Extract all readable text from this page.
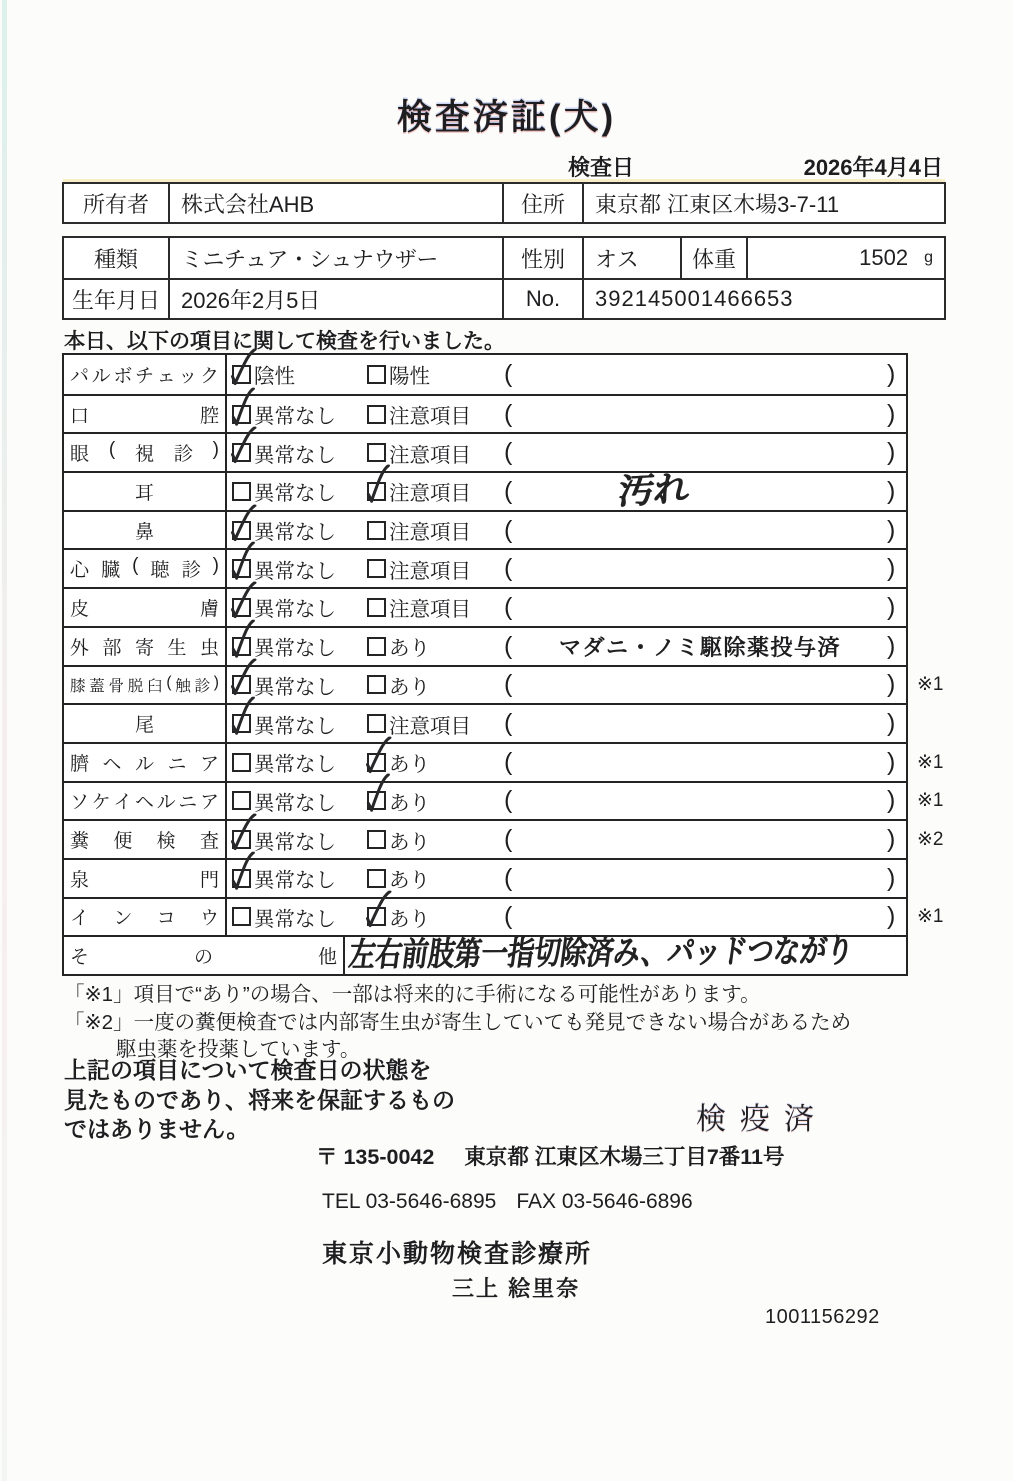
検査済証(犬)
検査日	2026年4月4日
所有者	株式会社AHB	住所	東京都 江東区木場3-7-11
種類	ミニチュア・シュナウザー	性別	オス	体重	1502 g
生年月日 2026年2月5日	No.	392145001466653
本日、以下の項目に関して検査を行いました。
パ ル ボ チ ェ ッ ク 陰性	陽性	(	)
口	腔 異常なし	注意項目 (	)
眼 ( 視 診 ) 異常なし	注意項目 (	)
耳	異常なし	注意項目 (	汚れ	)
鼻	異常なし	注意項目 (	)
心 臓 ( 聴 診 ) 異常なし	注意項目 (	)
皮	膚 異常なし	注意項目 (	)
外 部 寄 生 虫 異常なし	あり	(	マダニ・ノミ駆除薬投与済	)
膝 蓋 骨 脱 臼 ( 触 診 ) 異常なし	あり	(	) ※1
尾	異常なし	注意項目 (	)
臍 ヘ ル ニ ア 異常なし	あり	(	) ※1
ソ ケ イ ヘ ル ニ ア 異常なし	あり	(	) ※1
糞 便 検 査 異常なし	あり	(	) ※2
泉	門 異常なし	あり	(	)
イ ン コ ウ 異常なし	あり	(	) ※1
そ	の	他 左右前肢第一指切除済み、パッドつながり
「※1」項目で“あり”の場合、一部は将来的に手術になる可能性があります。
「※2」一度の糞便検査では内部寄生虫が寄生していても発見できない場合があるため
駆虫薬を投薬しています。
上記の項目について検査日の状態を
見たものであり、将来を保証するもの
ではありません。	検疫済
〒 135-0042 東京都 江東区木場三丁目7番11号
TEL 03-5646-6895 FAX 03-5646-6896
東京小動物検査診療所
三上 絵里奈
1001156292
